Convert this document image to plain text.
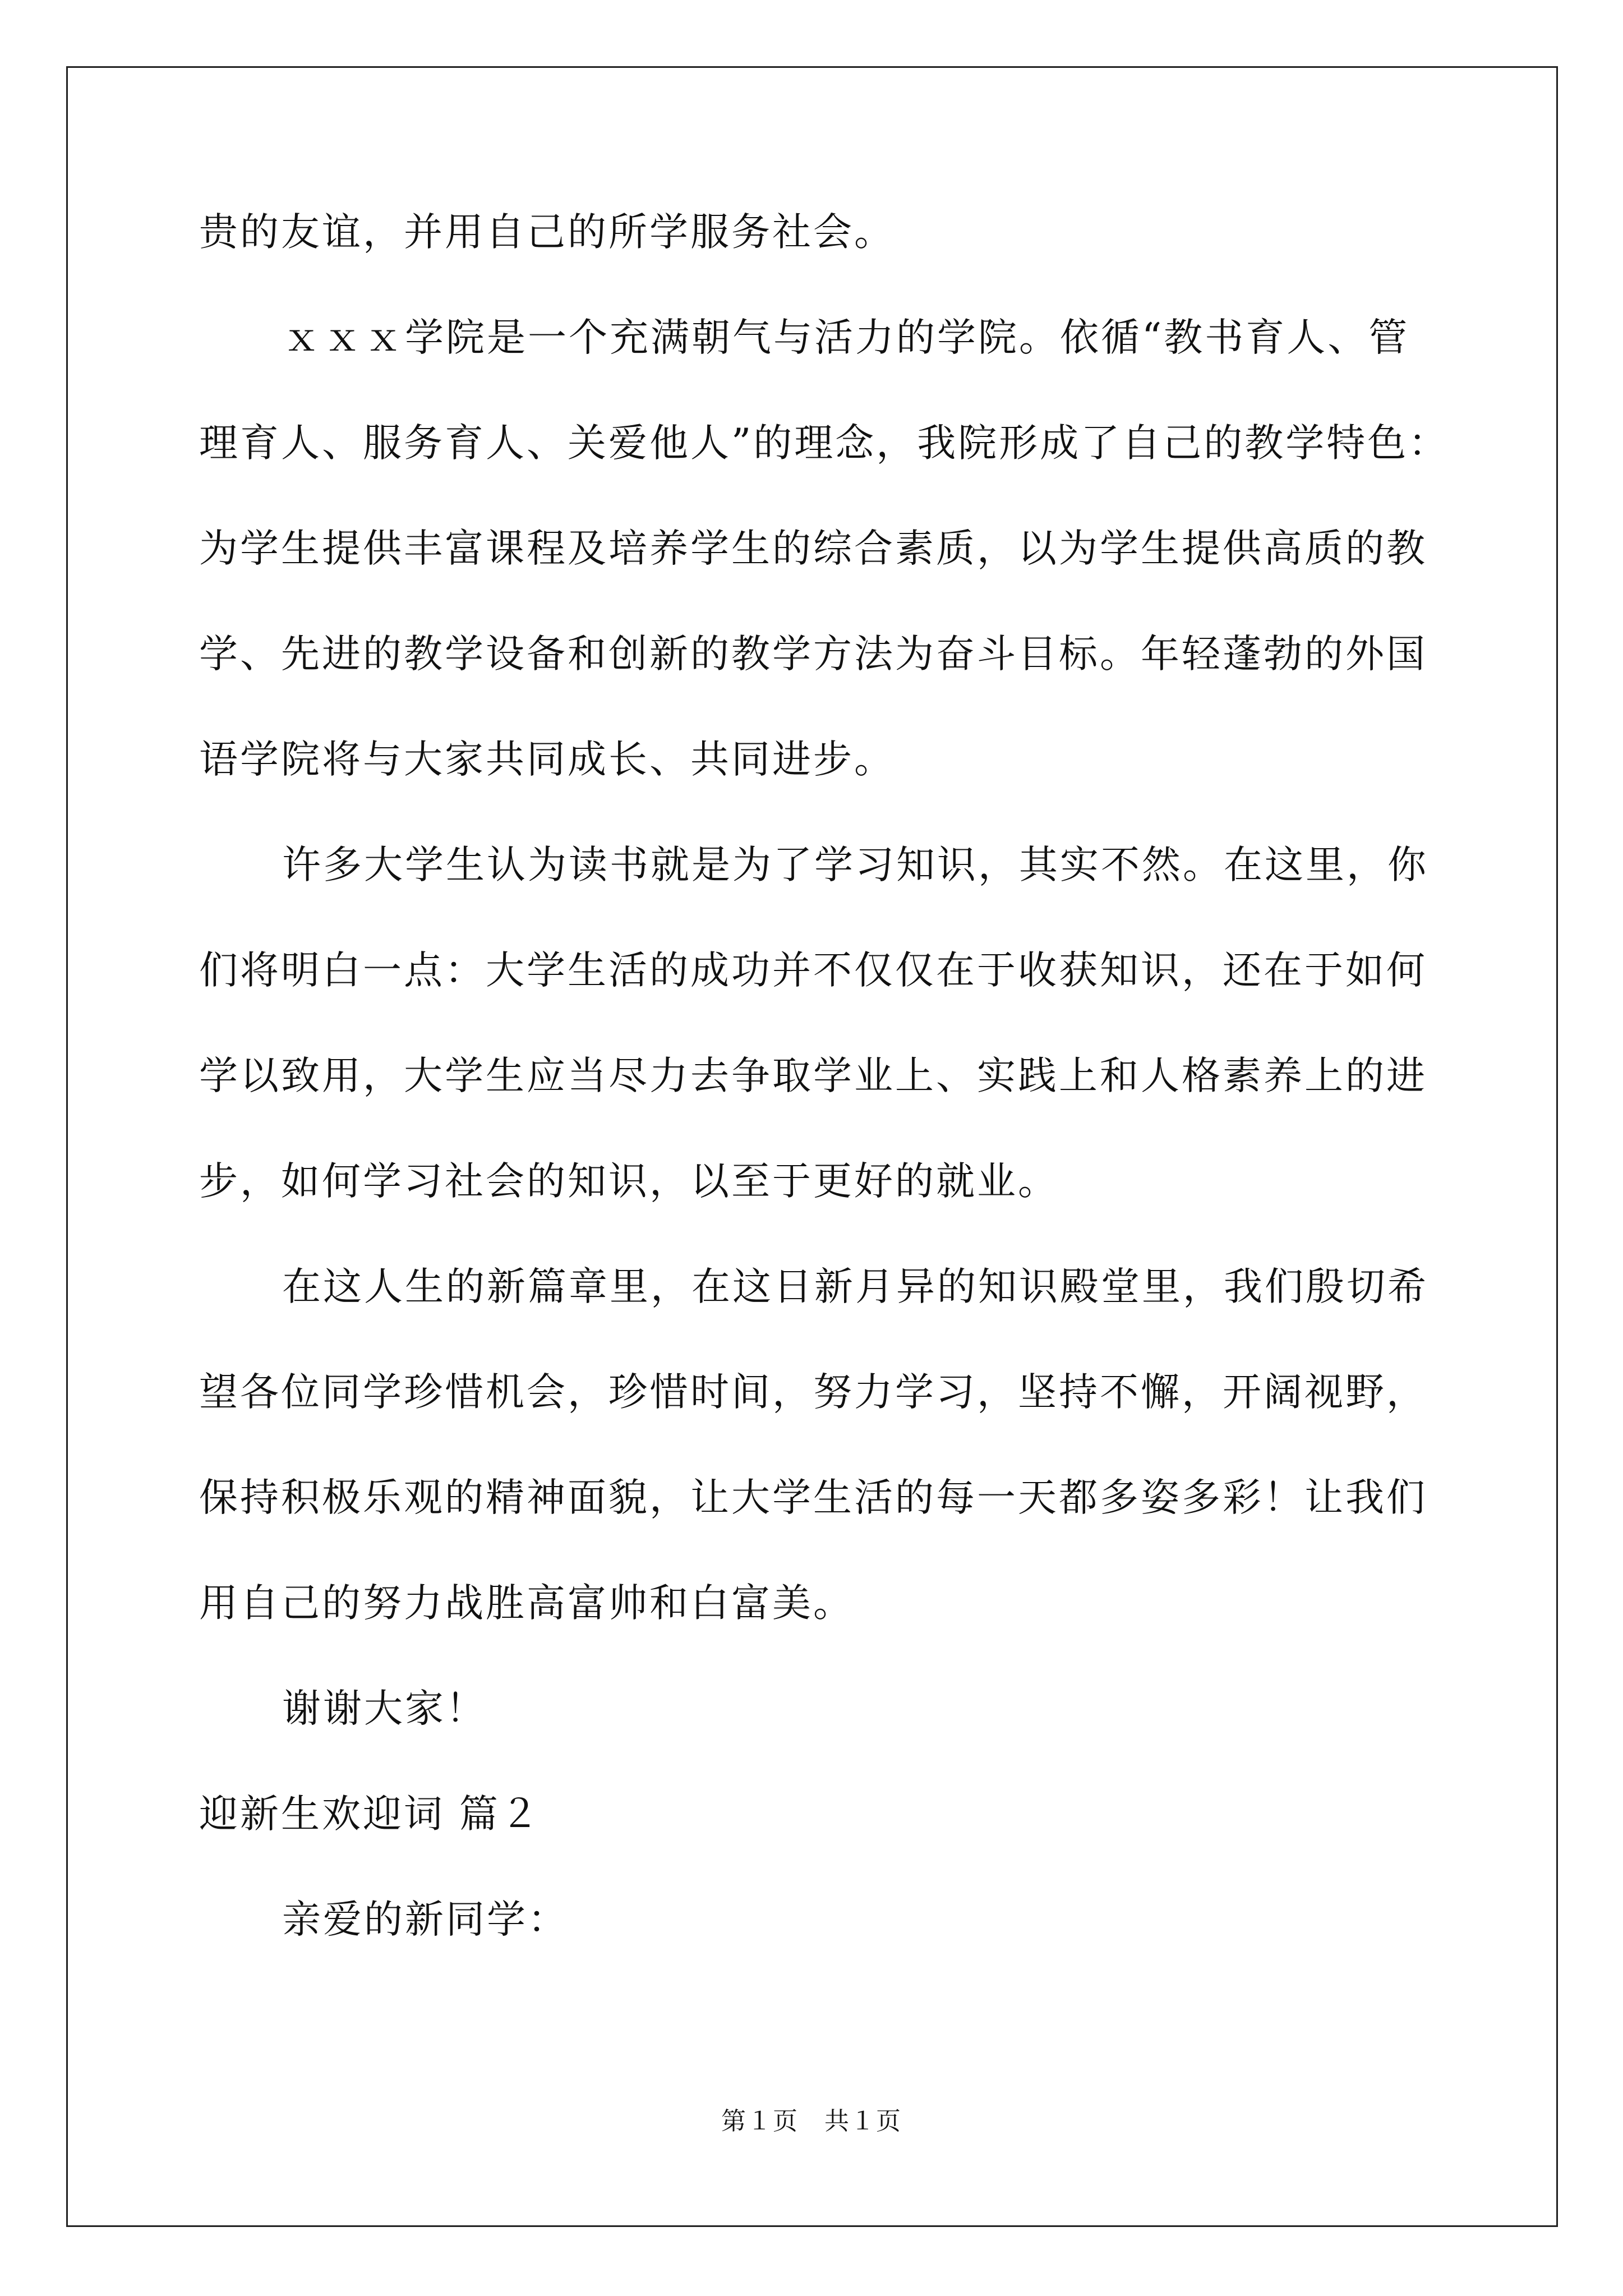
贵的友谊，并用自己的所学服务社会。
ｘｘｘ学院是一个充满朝气与活力的学院。依循“教书育人、管
理育人、服务育人、关爱他人”的理念，我院形成了自己的教学特色：
为学生提供丰富课程及培养学生的综合素质，以为学生提供高质的教
学、先进的教学设备和创新的教学方法为奋斗目标。年轻蓬勃的外国
语学院将与大家共同成长、共同进步。
许多大学生认为读书就是为了学习知识，其实不然。在这里，你
们将明白一点：大学生活的成功并不仅仅在于收获知识，还在于如何
学以致用，大学生应当尽力去争取学业上、实践上和人格素养上的进
步，如何学习社会的知识，以至于更好的就业。
在这人生的新篇章里，在这日新月异的知识殿堂里，我们殷切希
望各位同学珍惜机会，珍惜时间，努力学习，坚持不懈，开阔视野，
保持积极乐观的精神面貌，让大学生活的每一天都多姿多彩！让我们
用自己的努力战胜高富帅和白富美。
谢谢大家！
迎新生欢迎词 篇２
亲爱的新同学：
第１页　共１页
